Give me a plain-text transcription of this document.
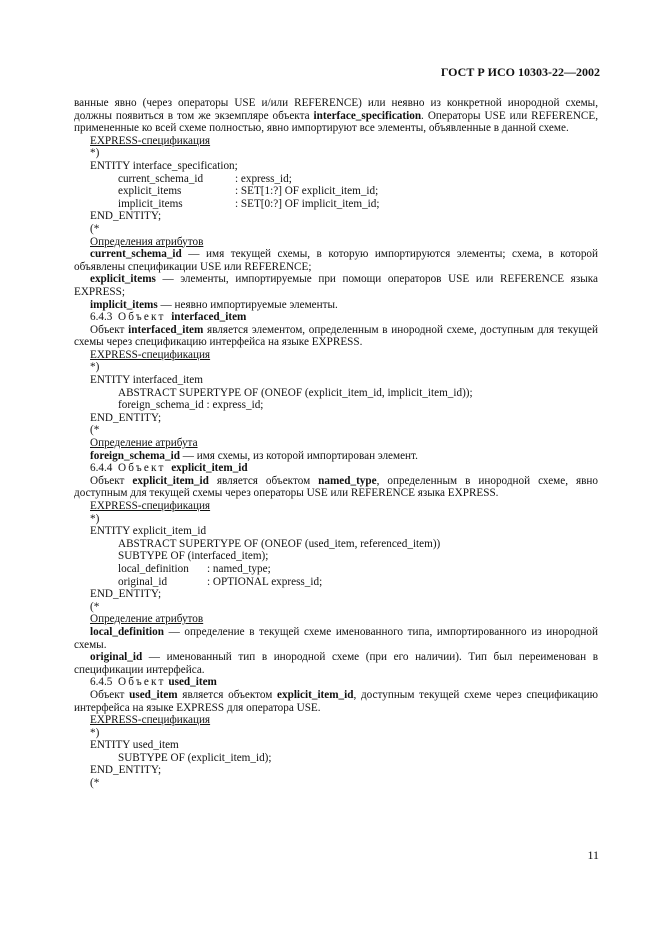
ГОСТ Р ИСО 10303-22—2002

ванные явно (через операторы USE и/или REFERENCE) или неявно из конкретной инородной схемы, должны появиться в том же экземпляре объекта interface_specification. Операторы USE или REFERENCE, примененные ко всей схеме полностью, явно импортируют все элементы, объявленные в данной схеме.

EXPRESS-спецификация

*)

ENTITY interface_specification;

current_schema_id	: express_id;

explicit_items	: SET[1:?] OF explicit_item_id;

implicit_items	: SET[0:?] OF implicit_item_id;

END_ENTITY;

(*

Определения атрибутов

current_schema_id — имя текущей схемы, в которую импортируются элементы; схема, в которой объявлены спецификации USE или REFERENCE;

explicit_items — элементы, импортируемые при помощи операторов USE или REFERENCE языка EXPRESS;

implicit_items — неявно импортируемые элементы.

6.4.3 Объект interfaced_item

Объект interfaced_item является элементом, определенным в инородной схеме, доступным для текущей схемы через спецификацию интерфейса на языке EXPRESS.

EXPRESS-спецификация

*)

ENTITY interfaced_item

ABSTRACT SUPERTYPE OF (ONEOF (explicit_item_id, implicit_item_id));

foreign_schema_id : express_id;

END_ENTITY;

(*

Определение атрибута

foreign_schema_id — имя схемы, из которой импортирован элемент.

6.4.4 Объект explicit_item_id

Объект explicit_item_id является объектом named_type, определенным в инородной схеме, явно доступным для текущей схемы через операторы USE или REFERENCE языка EXPRESS.

EXPRESS-спецификация

*)

ENTITY explicit_item_id

ABSTRACT SUPERTYPE OF (ONEOF (used_item, referenced_item))

SUBTYPE OF (interfaced_item);

local_definition : named_type;

original_id	: OPTIONAL express_id;

END_ENTITY;

(*

Определение атрибутов

local_definition — определение в текущей схеме именованного типа, импортированного из инородной схемы.

original_id — именованный тип в инородной схеме (при его наличии). Тип был переименован в спецификации интерфейса.

6.4.5 Объект used_item

Объект used_item является объектом explicit_item_id, доступным текущей схеме через спецификацию интерфейса на языке EXPRESS для оператора USE.

EXPRESS-спецификация

*)

ENTITY used_item

SUBTYPE OF (explicit_item_id);

END_ENTITY;

(*

11
